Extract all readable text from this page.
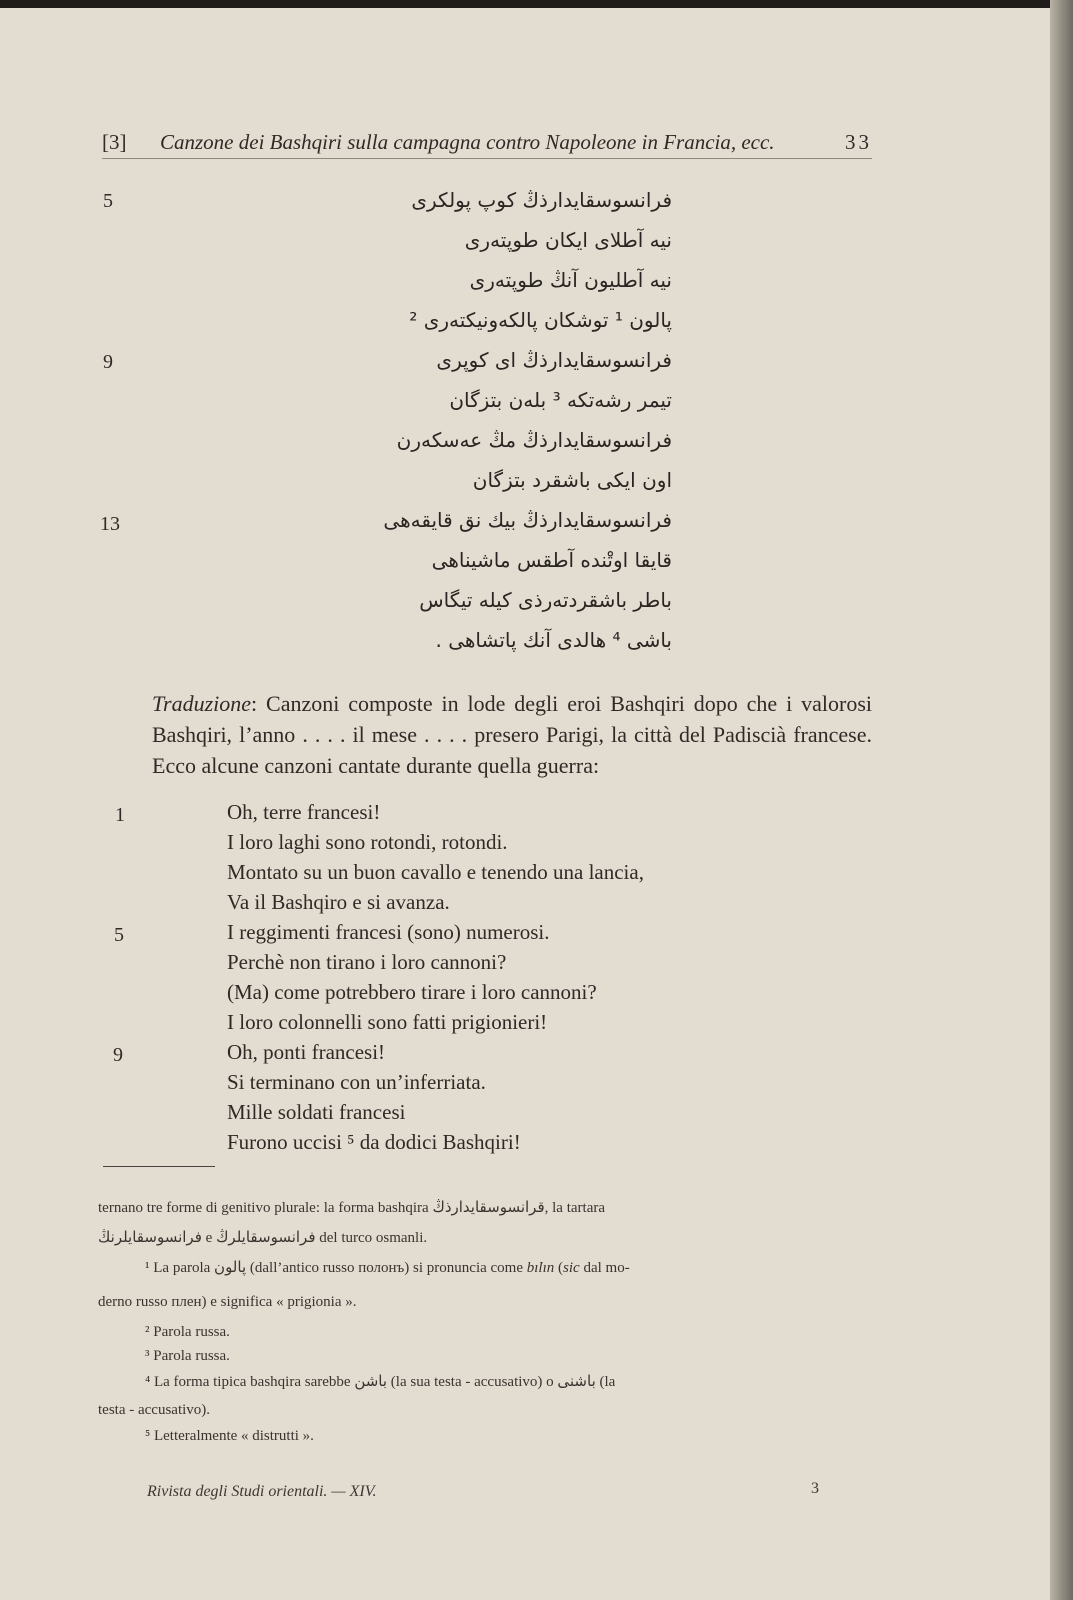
[3] Canzone dei Bashqiri sulla campagna contro Napoleone in Francia, ecc.	33
5
9
13
فرانسوسقایدارذڭ کوپ پولکری
نیه آطلای ایکان طوپته‌ری
نیه آطلیون آنڭ طوپته‌ری
پالون ¹ توشکان پالکه‌ونیکته‌ری ²
فرانسوسقایدارذڭ ای کوپری
تیمر رشه‌تکه ³ بله‌ن بتزگان
فرانسوسقایدارذڭ مڭ عه‌سکه‌رن
اون ایکی باشقرد بتزگان
فرانسوسقایدارذڭ بیك نق قایقه‌هی
قایقا اوتْنده آطقس ماشیناهی
باطر باشقردته‌رذی کیله تیگاس
باشی ⁴ هالدی آنك پاتشاهی .
Traduzione: Canzoni composte in lode degli eroi Bashqiri dopo che i valorosi Bashqiri, l’anno . . . . il mese . . . . presero Parigi, la città del Padiscià francese. Ecco alcune canzoni cantate durante quella guerra:
1
5
9
Oh, terre francesi!
I loro laghi sono rotondi, rotondi.
Montato su un buon cavallo e tenendo una lancia,
Va il Bashqiro e si avanza.
I reggimenti francesi (sono) numerosi.
Perchè non tirano i loro cannoni?
(Ma) come potrebbero tirare i loro cannoni?
I loro colonnelli sono fatti prigionieri!
Oh, ponti francesi!
Si terminano con un’inferriata.
Mille soldati francesi
Furono uccisi ⁵ da dodici Bashqiri!
ternano tre forme di genitivo plurale: la forma bashqira قرانسوسقایدارذڭ, la tartara
فرانسوسقایلرنڭ e فرانسوسقایلرڭ del turco osmanli.
¹ La parola پالون (dall’antico russo полонъ) si pronuncia come bı̇lın (sic dal mo-
derno russo плен) e significa « prigionia ».
² Parola russa.
³ Parola russa.
⁴ La forma tipica bashqira sarebbe باشن (la sua testa - accusativo) o باشنی (la
testa - accusativo).
⁵ Letteralmente « distrutti ».
Rivista degli Studi orientali. — XIV.	3
